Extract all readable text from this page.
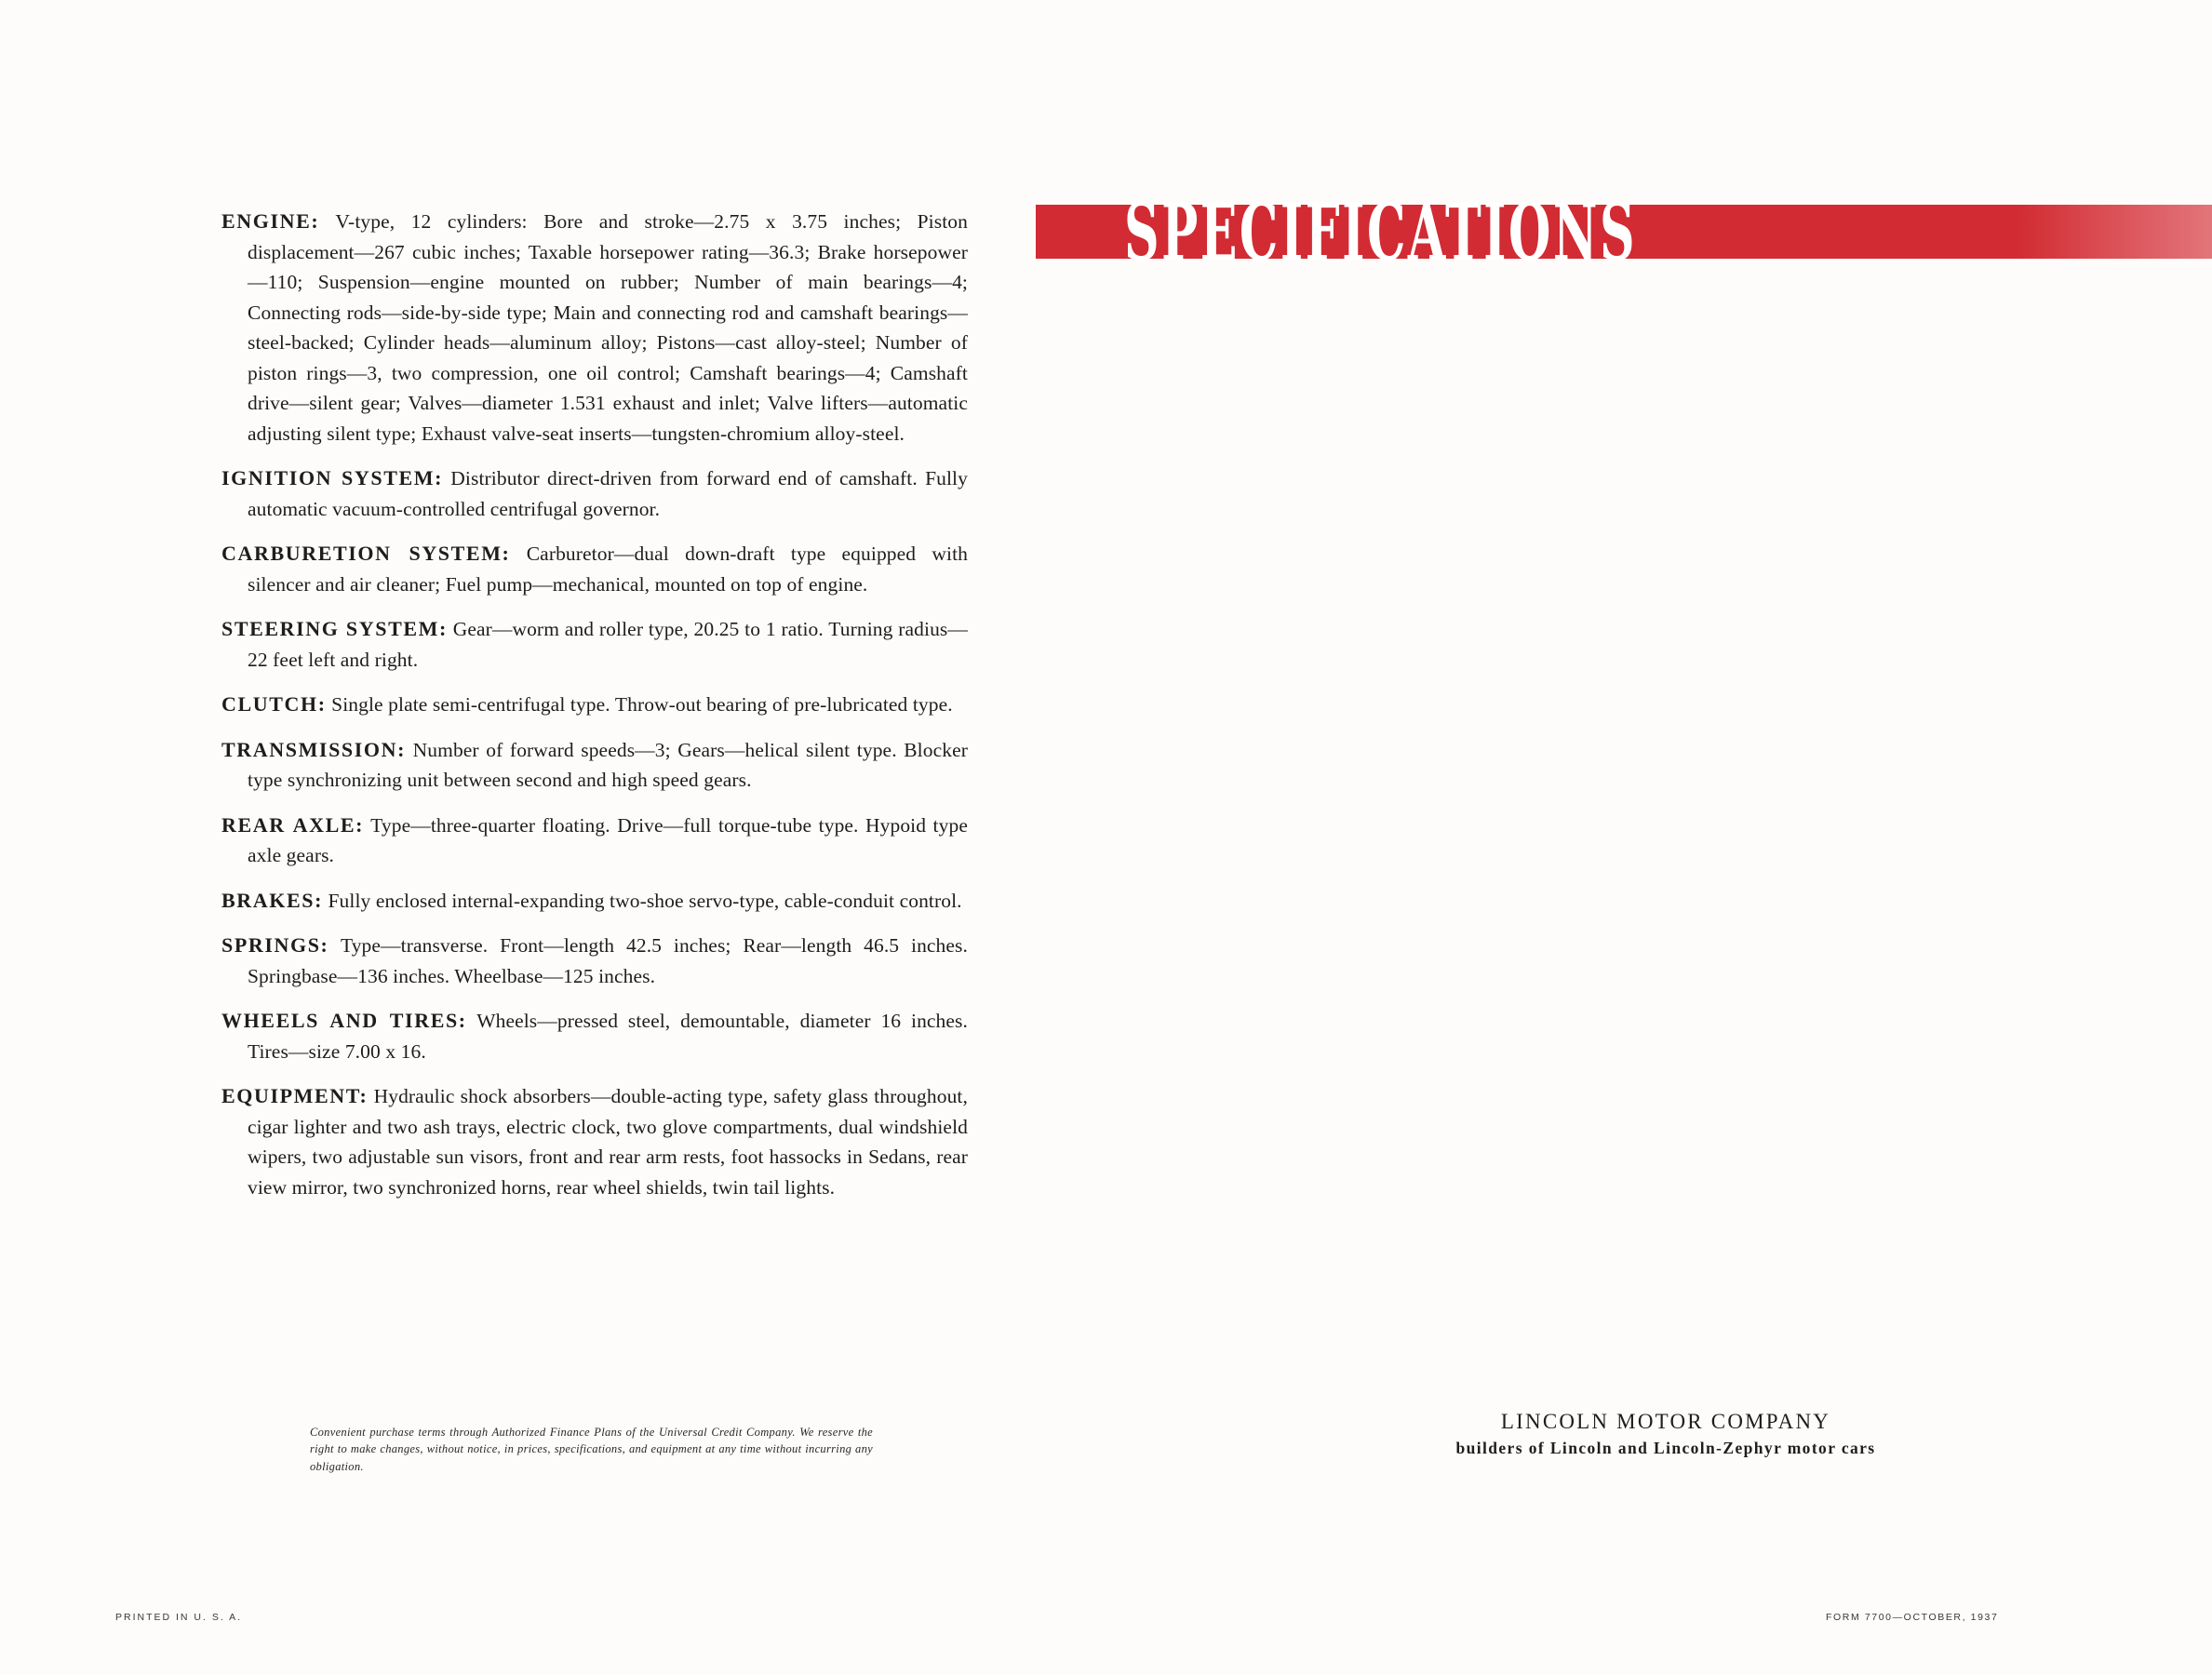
ENGINE: V-type, 12 cylinders: Bore and stroke—2.75 x 3.75 inches; Piston displacement—267 cubic inches; Taxable horsepower rating—36.3; Brake horsepower—110; Suspension—engine mounted on rubber; Number of main bearings—4; Connecting rods—side-by-side type; Main and connecting rod and camshaft bearings—steel-backed; Cylinder heads—aluminum alloy; Pistons—cast alloy-steel; Number of piston rings—3, two compression, one oil control; Camshaft bearings—4; Camshaft drive—silent gear; Valves—diameter 1.531 exhaust and inlet; Valve lifters—automatic adjusting silent type; Exhaust valve-seat inserts—tungsten-chromium alloy-steel.

IGNITION SYSTEM: Distributor direct-driven from forward end of camshaft. Fully automatic vacuum-controlled centrifugal governor.

CARBURETION SYSTEM: Carburetor—dual down-draft type equipped with silencer and air cleaner; Fuel pump—mechanical, mounted on top of engine.

STEERING SYSTEM: Gear—worm and roller type, 20.25 to 1 ratio. Turning radius—22 feet left and right.

CLUTCH: Single plate semi-centrifugal type. Throw-out bearing of pre-lubricated type.

TRANSMISSION: Number of forward speeds—3; Gears—helical silent type. Blocker type synchronizing unit between second and high speed gears.

REAR AXLE: Type—three-quarter floating. Drive—full torque-tube type. Hypoid type axle gears.

BRAKES: Fully enclosed internal-expanding two-shoe servo-type, cable-conduit control.

SPRINGS: Type—transverse. Front—length 42.5 inches; Rear—length 46.5 inches. Springbase—136 inches. Wheelbase—125 inches.

WHEELS AND TIRES: Wheels—pressed steel, demountable, diameter 16 inches. Tires—size 7.00 x 16.

EQUIPMENT: Hydraulic shock absorbers—double-acting type, safety glass throughout, cigar lighter and two ash trays, electric clock, two glove compartments, dual windshield wipers, two adjustable sun visors, front and rear arm rests, foot hassocks in Sedans, rear view mirror, two synchronized horns, rear wheel shields, twin tail lights.

Convenient purchase terms through Authorized Finance Plans of the Universal Credit Company. We reserve the right to make changes, without notice, in prices, specifications, and equipment at any time without incurring any obligation.

SPECIFICATIONS
LINCOLN MOTOR COMPANY
builders of Lincoln and Lincoln-Zephyr motor cars
PRINTED IN U. S. A.	FORM 7700—OCTOBER, 1937
